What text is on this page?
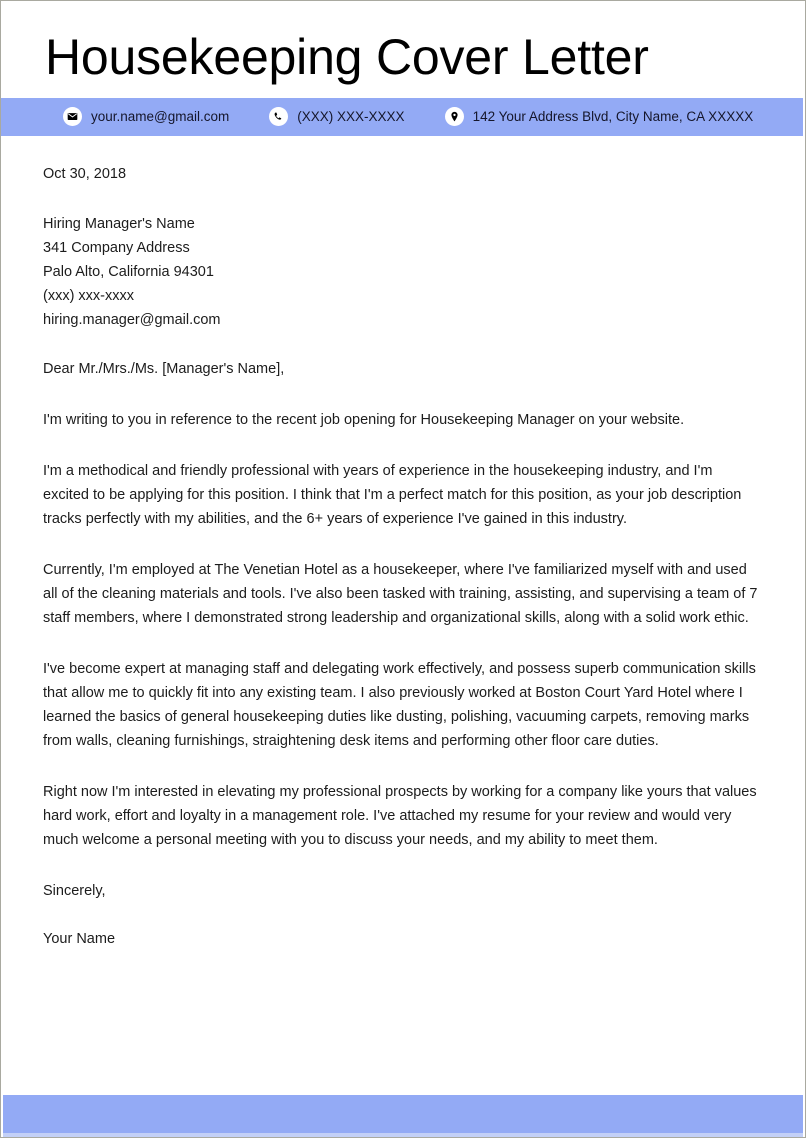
Housekeeping Cover Letter
your.name@gmail.com	(XXX) XXX-XXXX	142 Your Address Blvd, City Name, CA XXXXX
Oct 30, 2018
Hiring Manager's Name
341 Company Address
Palo Alto, California 94301
(xxx) xxx-xxxx
hiring.manager@gmail.com
Dear Mr./Mrs./Ms. [Manager's Name],

I'm writing to you in reference to the recent job opening for Housekeeping Manager on your website.

I'm a methodical and friendly professional with years of experience in the housekeeping industry, and I'm excited to be applying for this position. I think that I'm a perfect match for this position, as your job description tracks perfectly with my abilities, and the 6+ years of experience I've gained in this industry.

Currently, I'm employed at The Venetian Hotel as a housekeeper, where I've familiarized myself with and used all of the cleaning materials and tools. I've also been tasked with training, assisting, and supervising a team of 7 staff members, where I demonstrated strong leadership and organizational skills, along with a solid work ethic.

I've become expert at managing staff and delegating work effectively, and possess superb communication skills that allow me to quickly fit into any existing team. I also previously worked at Boston Court Yard Hotel where I learned the basics of general housekeeping duties like dusting, polishing, vacuuming carpets, removing marks from walls, cleaning furnishings, straightening desk items and performing other floor care duties.

Right now I'm interested in elevating my professional prospects by working for a company like yours that values hard work, effort and loyalty in a management role. I've attached my resume for your review and would very much welcome a personal meeting with you to discuss your needs, and my ability to meet them.

Sincerely,
Your Name
